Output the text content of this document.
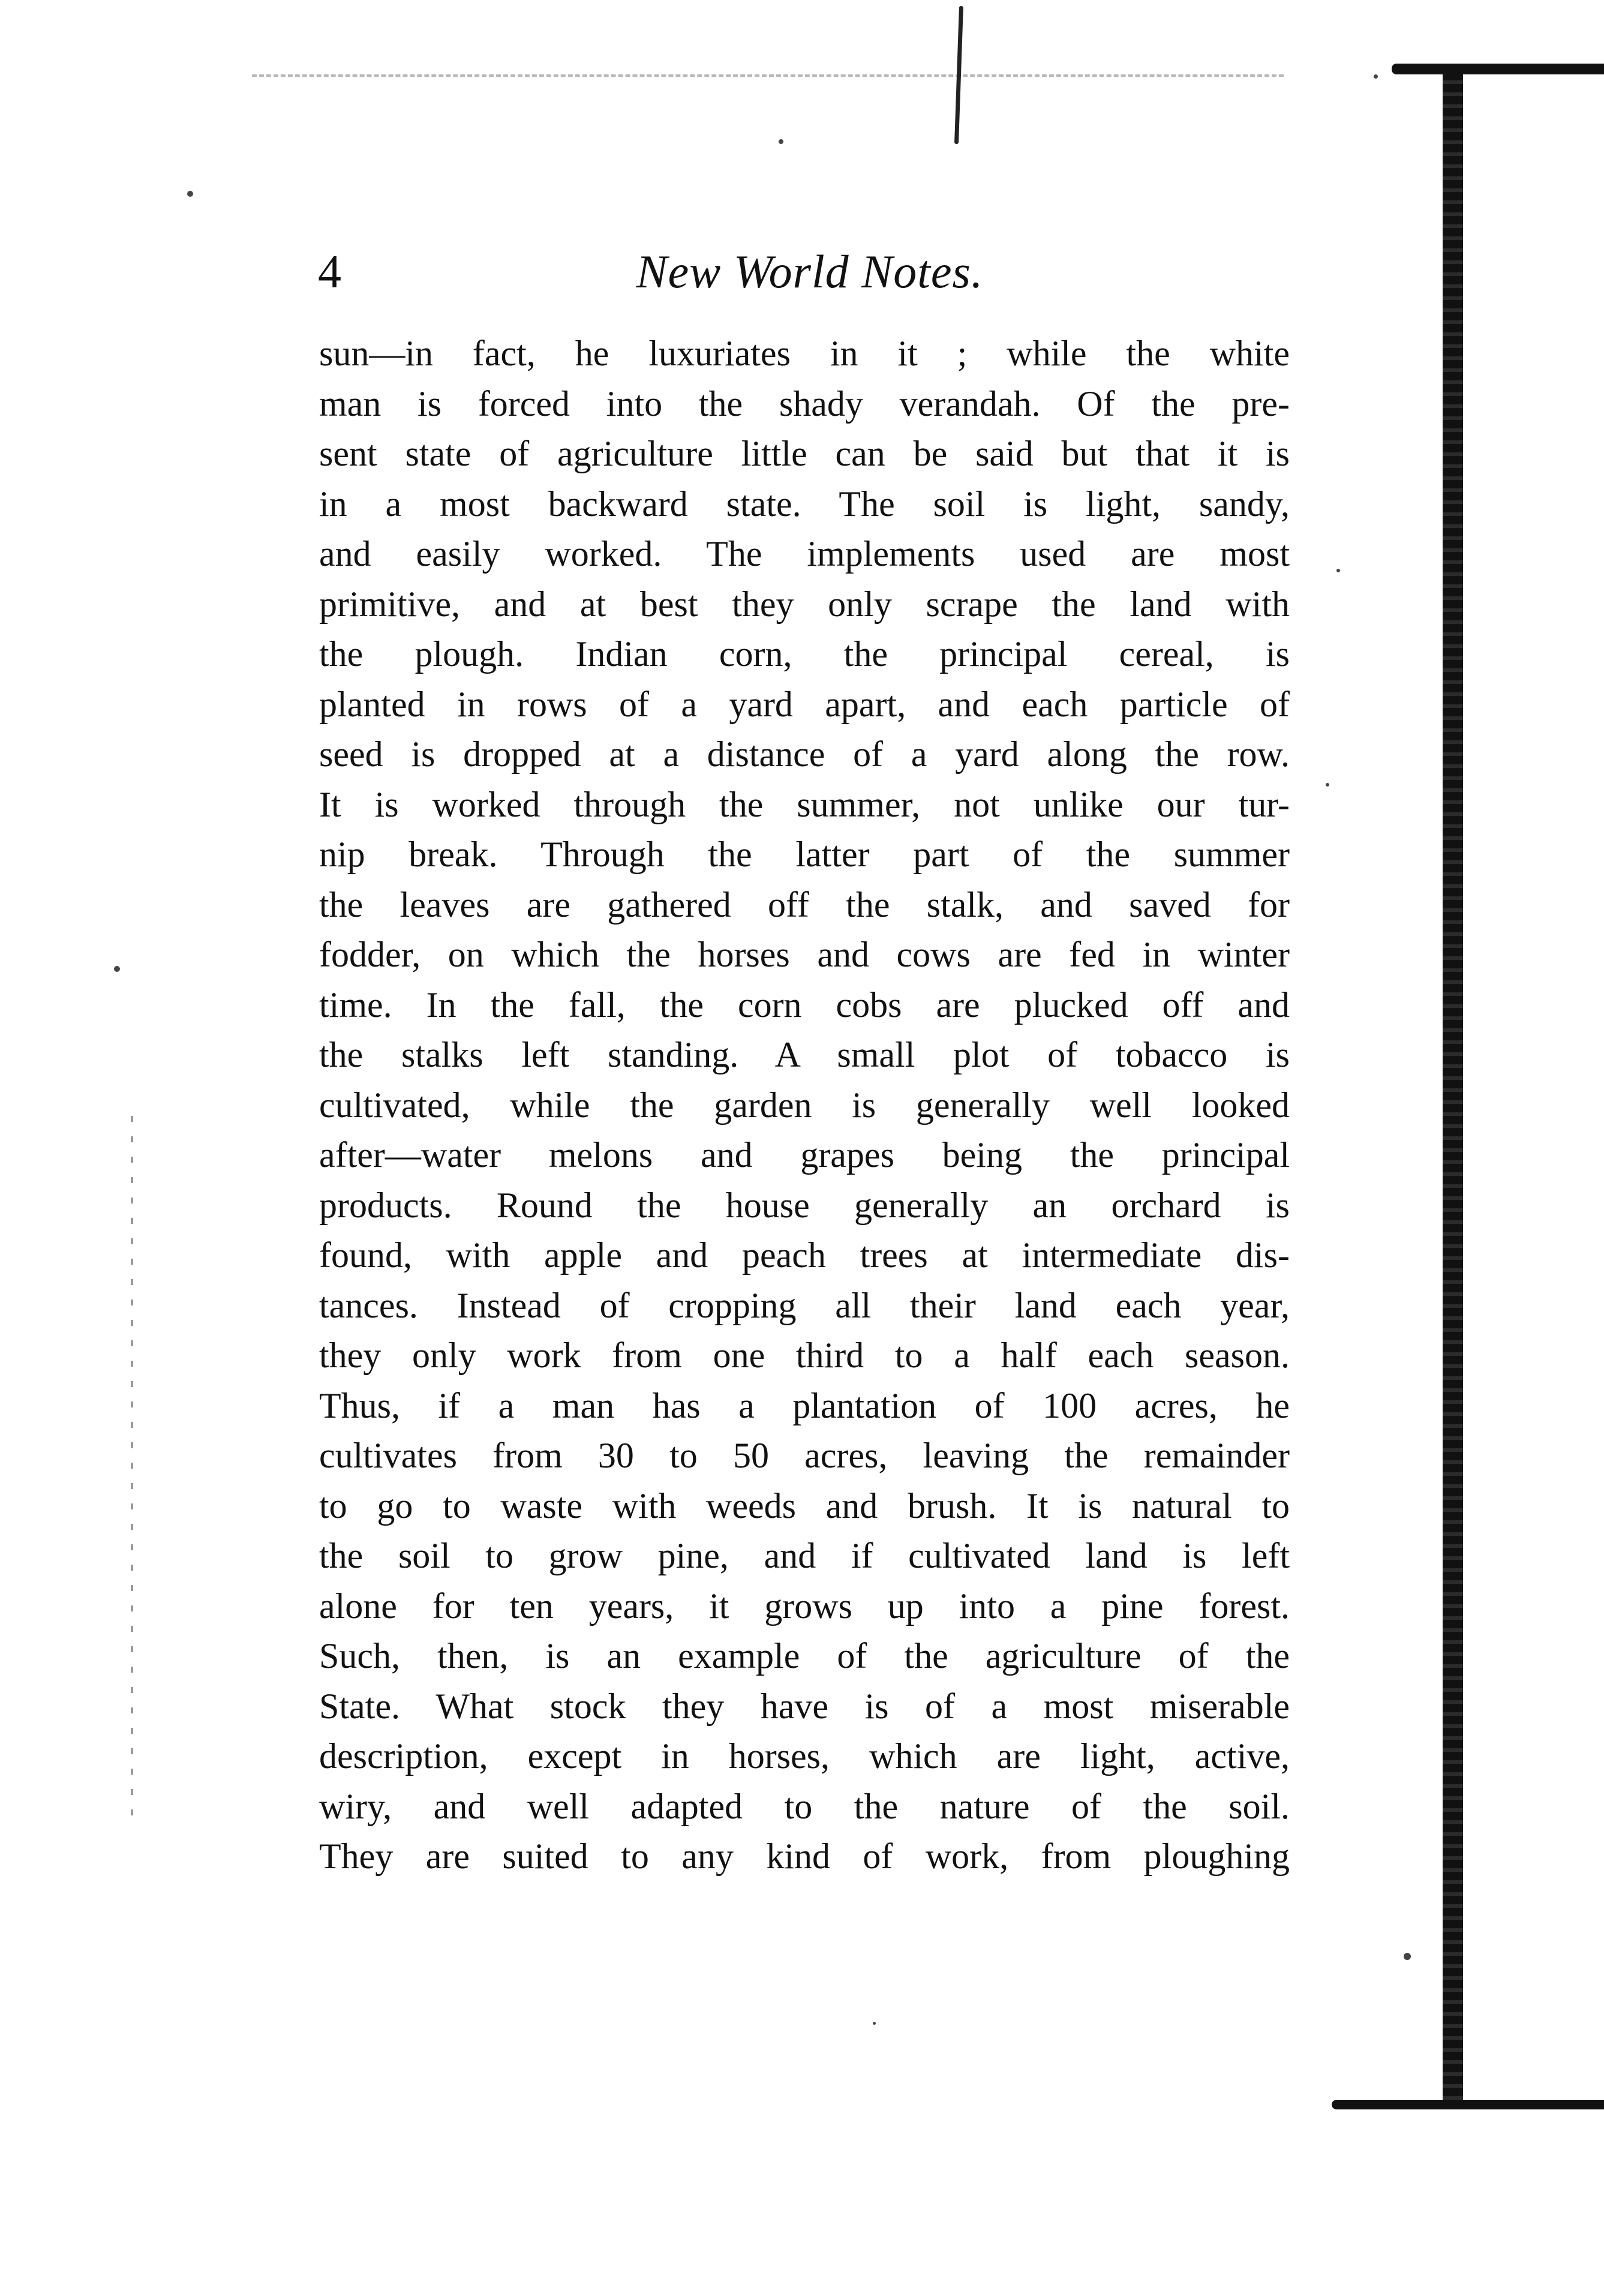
4	New World Notes.
sun—in fact, he luxuriates in it ; while the white
man is forced into the shady verandah. Of the pre-
sent state of agriculture little can be said but that it is
in a most backward state. The soil is light, sandy,
and easily worked. The implements used are most
primitive, and at best they only scrape the land with
the plough. Indian corn, the principal cereal, is
planted in rows of a yard apart, and each particle of
seed is dropped at a distance of a yard along the row.
It is worked through the summer, not unlike our tur-
nip break. Through the latter part of the summer
the leaves are gathered off the stalk, and saved for
fodder, on which the horses and cows are fed in winter
time. In the fall, the corn cobs are plucked off and
the stalks left standing. A small plot of tobacco is
cultivated, while the garden is generally well looked
after—water melons and grapes being the principal
products. Round the house generally an orchard is
found, with apple and peach trees at intermediate dis-
tances. Instead of cropping all their land each year,
they only work from one third to a half each season.
Thus, if a man has a plantation of 100 acres, he
cultivates from 30 to 50 acres, leaving the remainder
to go to waste with weeds and brush. It is natural to
the soil to grow pine, and if cultivated land is left
alone for ten years, it grows up into a pine forest.
Such, then, is an example of the agriculture of the
State. What stock they have is of a most miserable
description, except in horses, which are light, active,
wiry, and well adapted to the nature of the soil.
They are suited to any kind of work, from ploughing
